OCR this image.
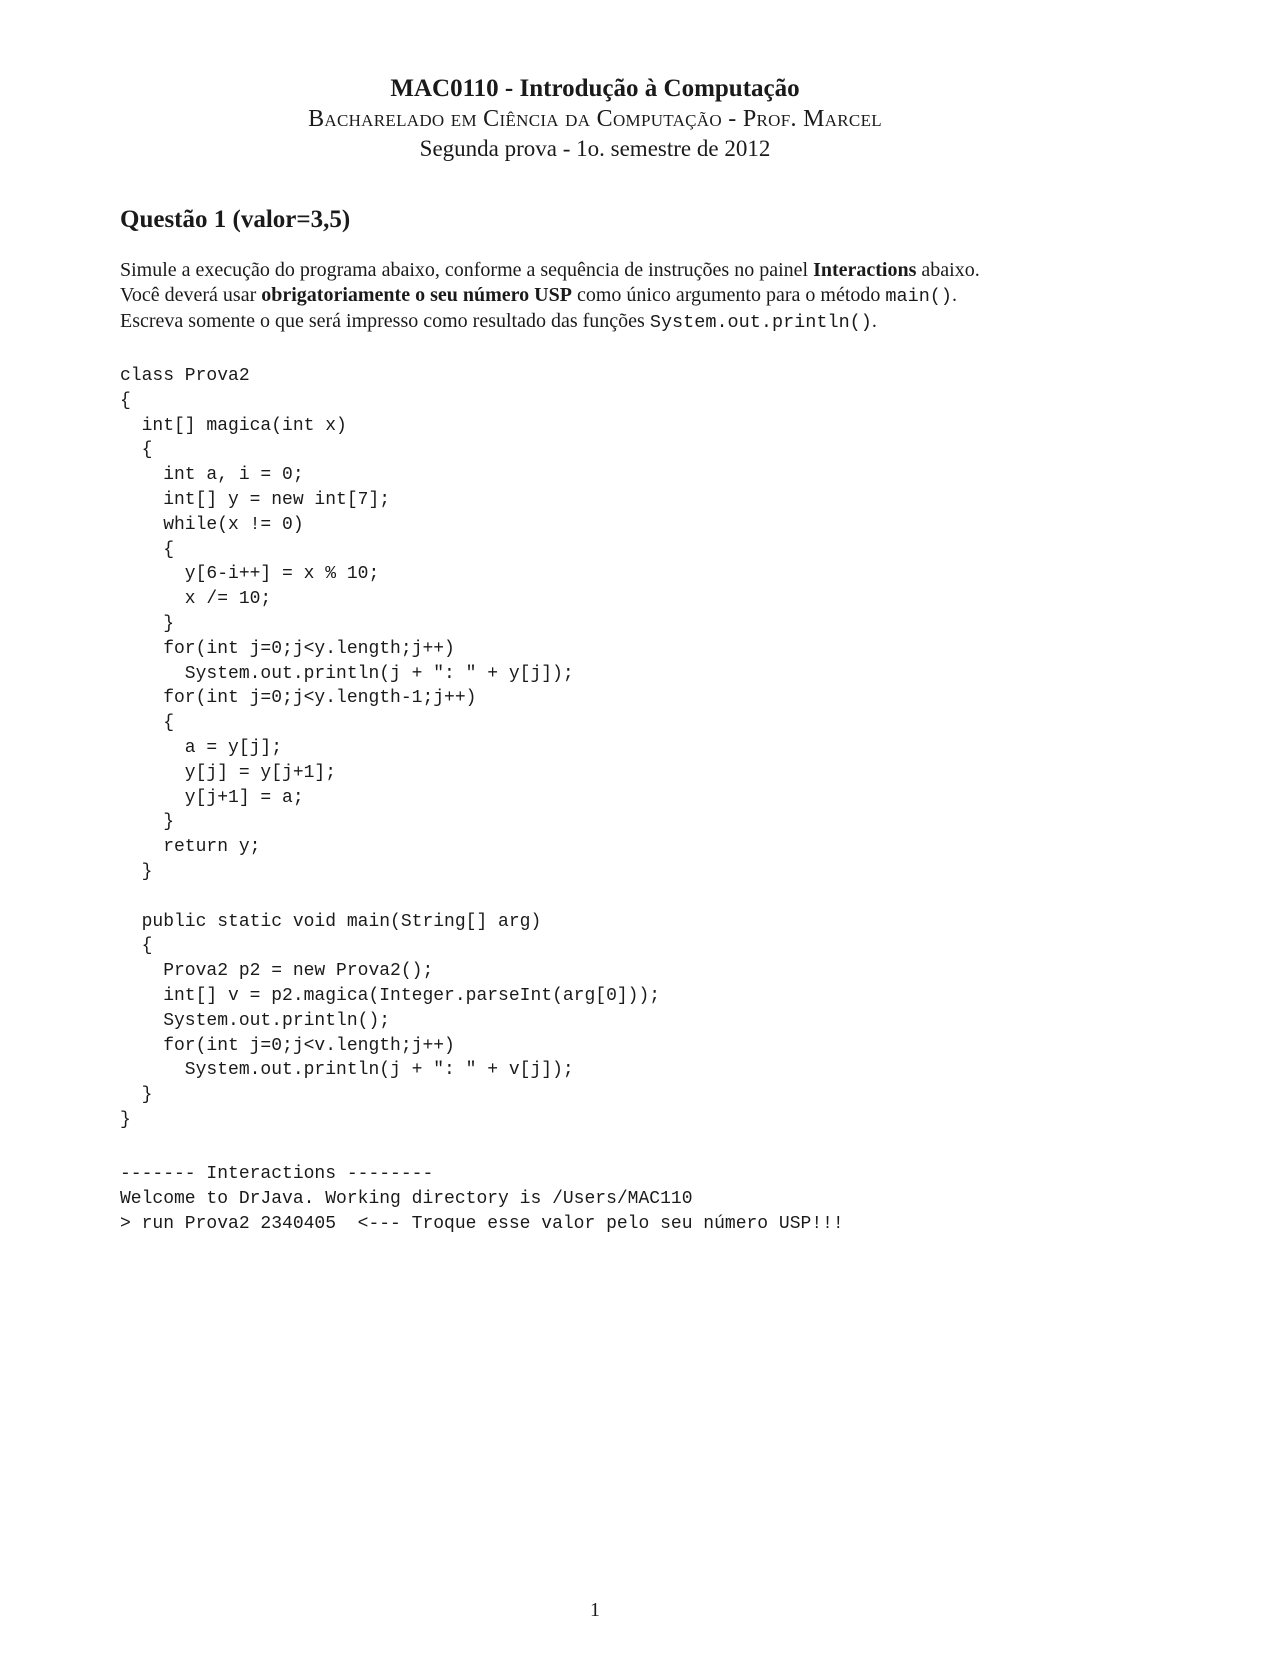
MAC0110 - Introdução à Computação
Bacharelado em Ciência da Computação - Prof. Marcel
Segunda prova - 1o. semestre de 2012
Questão 1 (valor=3,5)

Simule a execução do programa abaixo, conforme a sequência de instruções no painel Interactions abaixo.

Você deverá usar obrigatoriamente o seu número USP como único argumento para o método main().

Escreva somente o que será impresso como resultado das funções System.out.println().

class Prova2
{
int[] magica(int x)
{
int a, i = 0;
int[] y = new int[7];
while(x != 0)
{
y[6-i++] = x % 10;
x /= 10;
}
for(int j=0;j<y.length;j++)
System.out.println(j + ": " + y[j]);
for(int j=0;j<y.length-1;j++)
{
a = y[j];
y[j] = y[j+1];
y[j+1] = a;
}
return y;
}

public static void main(String[] arg)
{
Prova2 p2 = new Prova2();
int[] v = p2.magica(Integer.parseInt(arg[0]));
System.out.println();
for(int j=0;j<v.length;j++)
System.out.println(j + ": " + v[j]);
}
}
------- Interactions --------
Welcome to DrJava. Working directory is /Users/MAC110
> run Prova2 2340405  <--- Troque esse valor pelo seu número USP!!!
1
